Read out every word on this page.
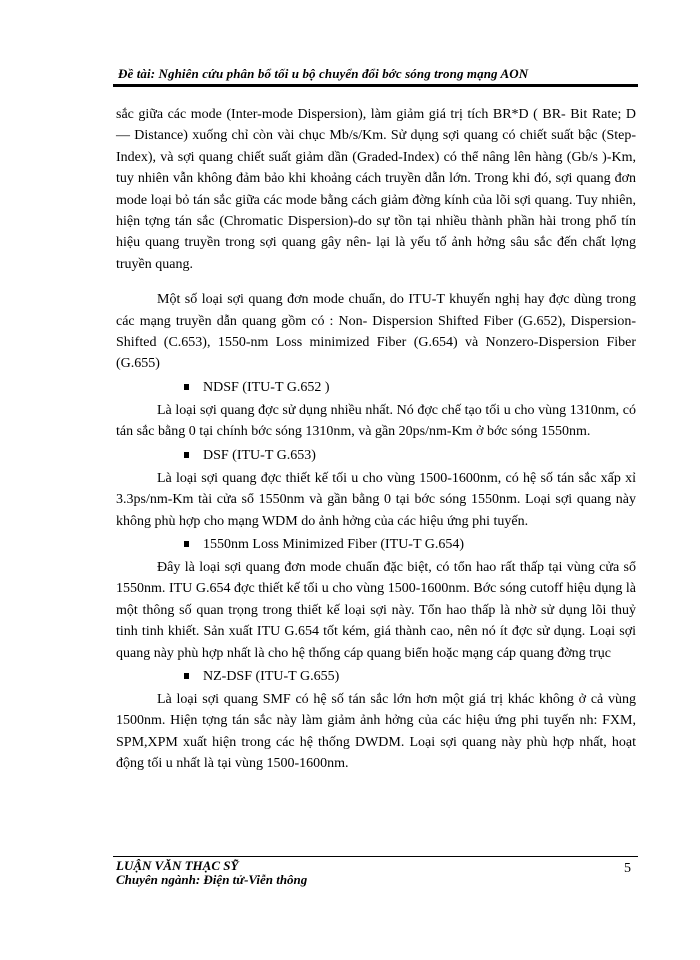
Đề tài: Nghiên cứu phân bổ tối u bộ chuyển đổi bớc sóng trong mạng AON

sắc giữa các mode (Inter-mode Dispersion), làm giảm giá trị tích BR*D ( BR- Bit Rate; D — Distance) xuống chỉ còn vài chục Mb/s/Km. Sử dụng sợi quang có chiết suất bậc (Step- Index), và sợi quang chiết suất giảm dần (Graded-Index) có thể nâng lên hàng (Gb/s )-Km, tuy nhiên vẫn không đảm bảo khi khoảng cách truyền dẫn lớn. Trong khi đó, sợi quang đơn mode loại bỏ tán sắc giữa các mode bằng cách giảm đờng kính của lõi sợi quang. Tuy nhiên, hiện tợng tán sắc (Chromatic Dispersion)-do sự tồn tại nhiều thành phần hài trong phổ tín hiệu quang truyền trong sợi quang gây nên- lại là yếu tố ảnh hởng sâu sắc đến chất lợng truyền quang.

Một số loại sợi quang đơn mode chuẩn, do ITU-T khuyến nghị hay đợc dùng trong các mạng truyền dẫn quang gồm có : Non- Dispersion Shifted Fiber (G.652), Dispersion-Shifted (C.653), 1550-nm Loss minimized Fiber (G.654) và Nonzero-Dispersion Fiber (G.655)

NDSF (ITU-T G.652 )

Là loại sợi quang đợc sử dụng nhiều nhất. Nó đợc chế tạo tối u cho vùng 1310nm, có tán sắc bằng 0 tại chính bớc sóng 1310nm, và gần 20ps/nm-Km ở bớc sóng 1550nm.

DSF (ITU-T G.653)

Là loại sợi quang đợc thiết kế tối u cho vùng 1500-1600nm, có hệ số tán sắc xấp xỉ 3.3ps/nm-Km tài cửa sổ 1550nm và gần bằng 0 tại bớc sóng 1550nm. Loại sợi quang này không phù hợp cho mạng WDM do ảnh hởng của các hiệu ứng phi tuyến.

1550nm Loss Minimized Fiber (ITU-T G.654)

Đây là loại sợi quang đơn mode chuẩn đặc biệt, có tổn hao rất thấp tại vùng cửa sổ 1550nm. ITU G.654 đợc thiết kế tối u cho vùng 1500-1600nm. Bớc sóng cutoff hiệu dụng là một thông số quan trọng trong thiết kế loại sợi này. Tổn hao thấp là nhờ sử dụng lõi thuỷ tinh tinh khiết. Sản xuất ITU G.654 tốt kém, giá thành cao, nên nó ít đợc sử dụng. Loại sợi quang này phù hợp nhất là cho hệ thống cáp quang biển hoặc mạng cáp quang đờng trục

NZ-DSF (ITU-T G.655)

Là loại sợi quang SMF có hệ số tán sắc lớn hơn một giá trị khác không ở cả vùng 1500nm. Hiện tợng tán sắc này làm giảm ảnh hởng của các hiệu ứng phi tuyến nh: FXM, SPM,XPM xuất hiện trong các hệ thống DWDM. Loại sợi quang này phù hợp nhất, hoạt động tối u nhất là tại vùng 1500-1600nm.

LUẬN VĂN THẠC SỸ
Chuyên ngành: Điện tử-Viễn thông
5
